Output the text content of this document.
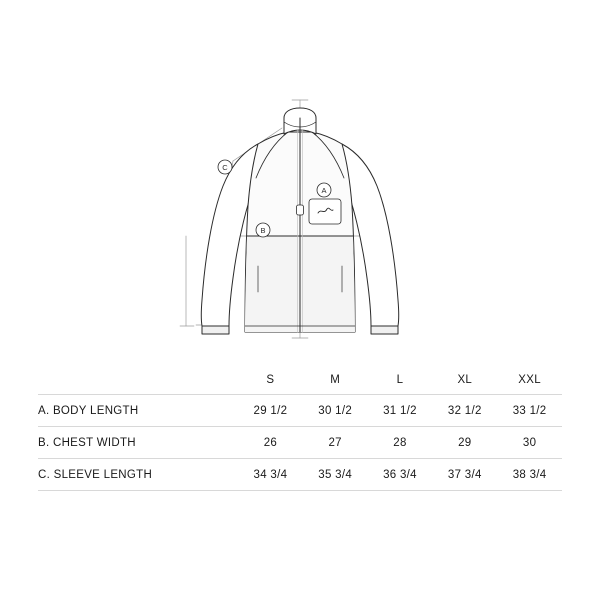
A
B
C
	S	M	L	XL	XXL
A. BODY LENGTH	29 1/2	30 1/2	31 1/2	32 1/2	33 1/2
B. CHEST WIDTH	26	27	28	29	30
C. SLEEVE LENGTH	34 3/4	35 3/4	36 3/4	37 3/4	38 3/4
